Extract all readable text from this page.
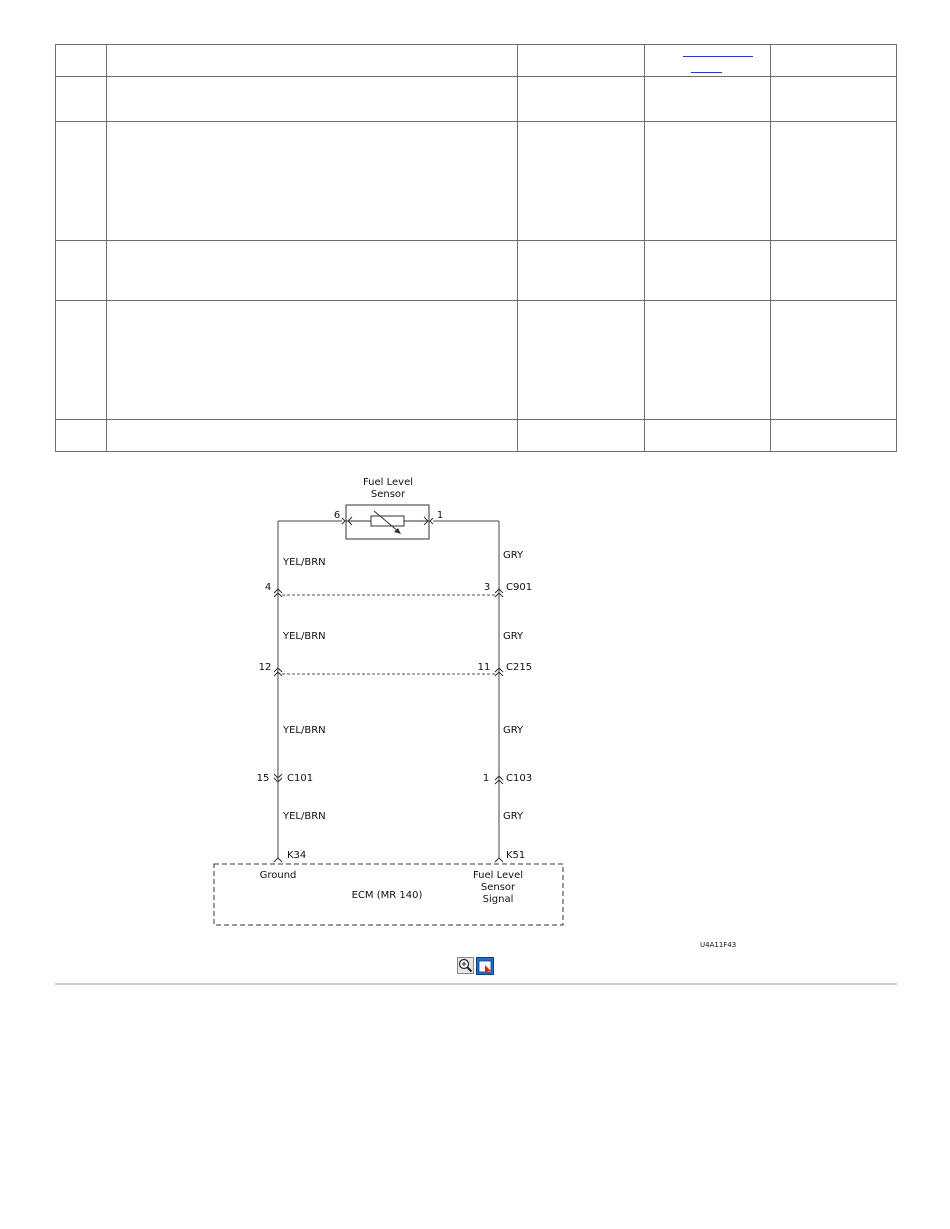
Fuel Level
Sensor
6	1
YEL/BRN
GRY
4	3 C901
YEL/BRN	GRY
12	11 C215
YEL/BRN	GRY
15 C101	1 C103
YEL/BRN	GRY
K34	K51
Ground
ECM (MR 140)
Fuel Level
Sensor
Signal
U4A11F43
